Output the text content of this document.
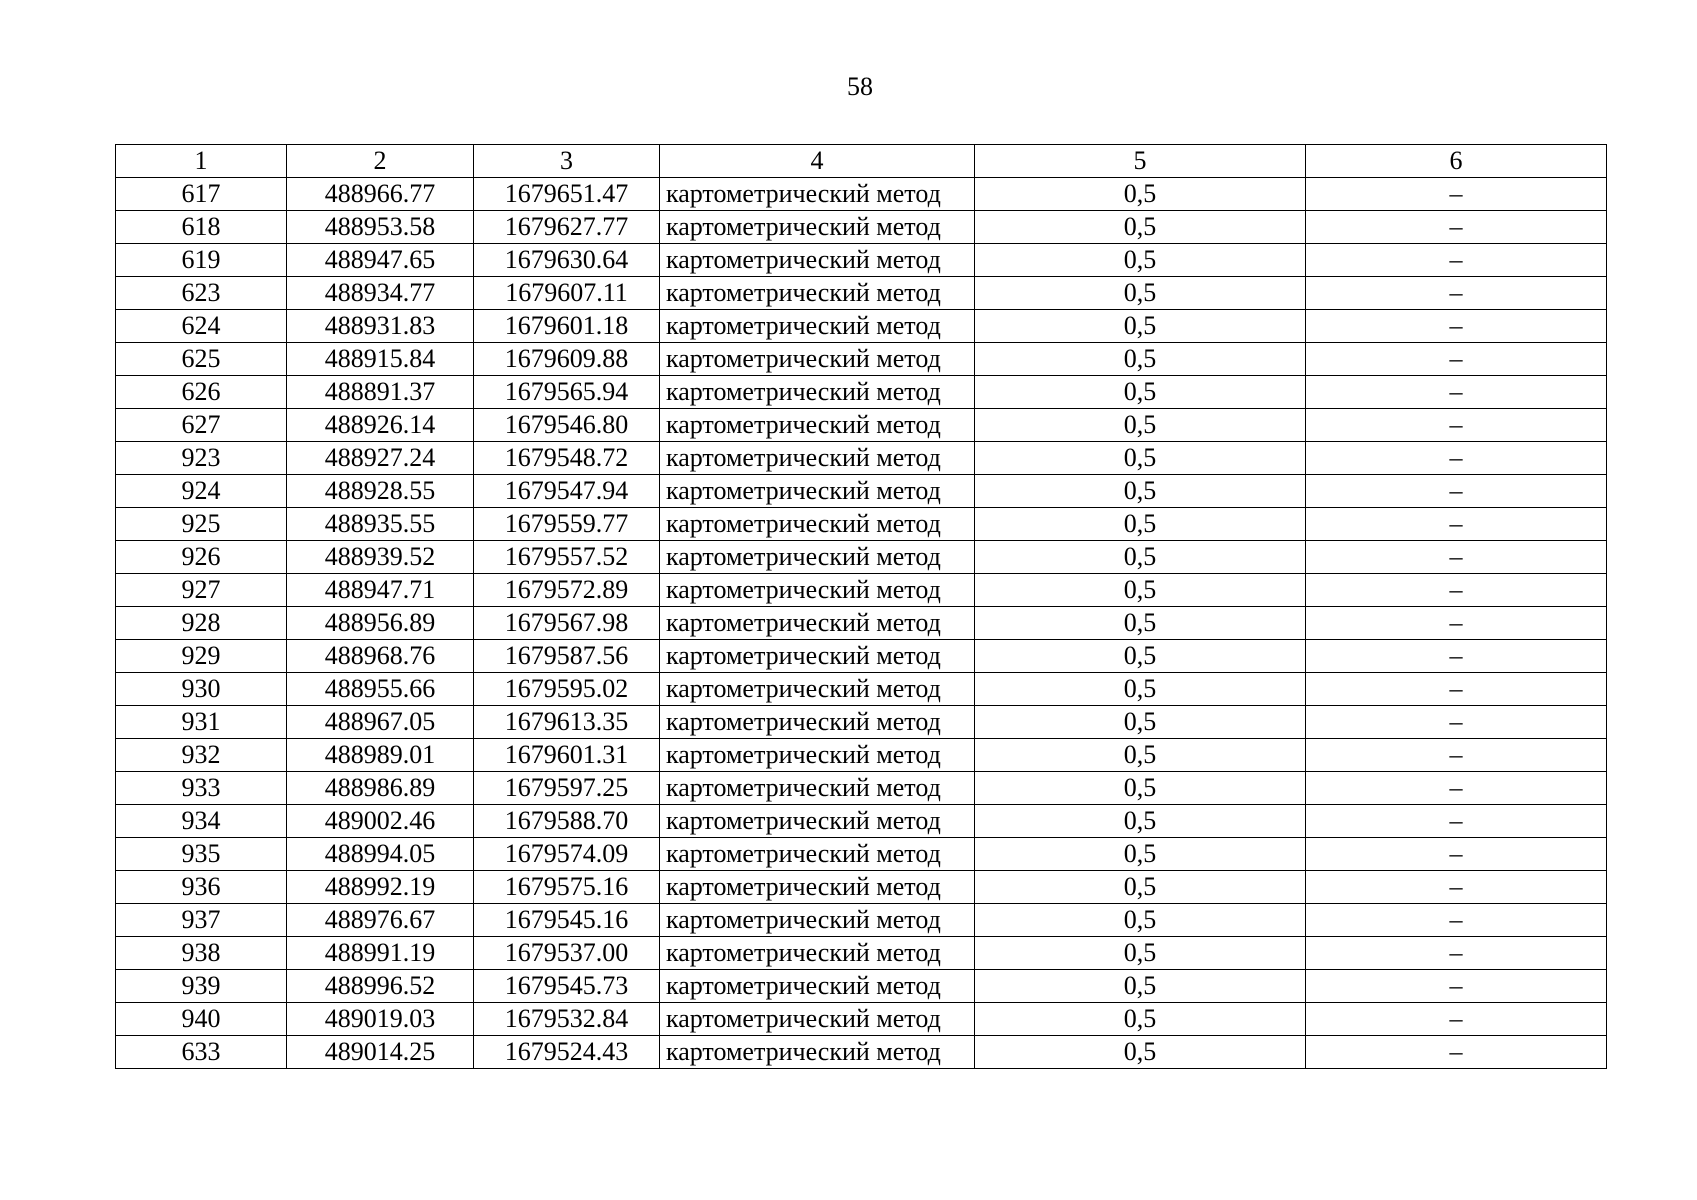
58
1	2	3	4	5	6
617	488966.77	1679651.47	картометрический метод	0,5	–
618	488953.58	1679627.77	картометрический метод	0,5	–
619	488947.65	1679630.64	картометрический метод	0,5	–
623	488934.77	1679607.11	картометрический метод	0,5	–
624	488931.83	1679601.18	картометрический метод	0,5	–
625	488915.84	1679609.88	картометрический метод	0,5	–
626	488891.37	1679565.94	картометрический метод	0,5	–
627	488926.14	1679546.80	картометрический метод	0,5	–
923	488927.24	1679548.72	картометрический метод	0,5	–
924	488928.55	1679547.94	картометрический метод	0,5	–
925	488935.55	1679559.77	картометрический метод	0,5	–
926	488939.52	1679557.52	картометрический метод	0,5	–
927	488947.71	1679572.89	картометрический метод	0,5	–
928	488956.89	1679567.98	картометрический метод	0,5	–
929	488968.76	1679587.56	картометрический метод	0,5	–
930	488955.66	1679595.02	картометрический метод	0,5	–
931	488967.05	1679613.35	картометрический метод	0,5	–
932	488989.01	1679601.31	картометрический метод	0,5	–
933	488986.89	1679597.25	картометрический метод	0,5	–
934	489002.46	1679588.70	картометрический метод	0,5	–
935	488994.05	1679574.09	картометрический метод	0,5	–
936	488992.19	1679575.16	картометрический метод	0,5	–
937	488976.67	1679545.16	картометрический метод	0,5	–
938	488991.19	1679537.00	картометрический метод	0,5	–
939	488996.52	1679545.73	картометрический метод	0,5	–
940	489019.03	1679532.84	картометрический метод	0,5	–
633	489014.25	1679524.43	картометрический метод	0,5	–
